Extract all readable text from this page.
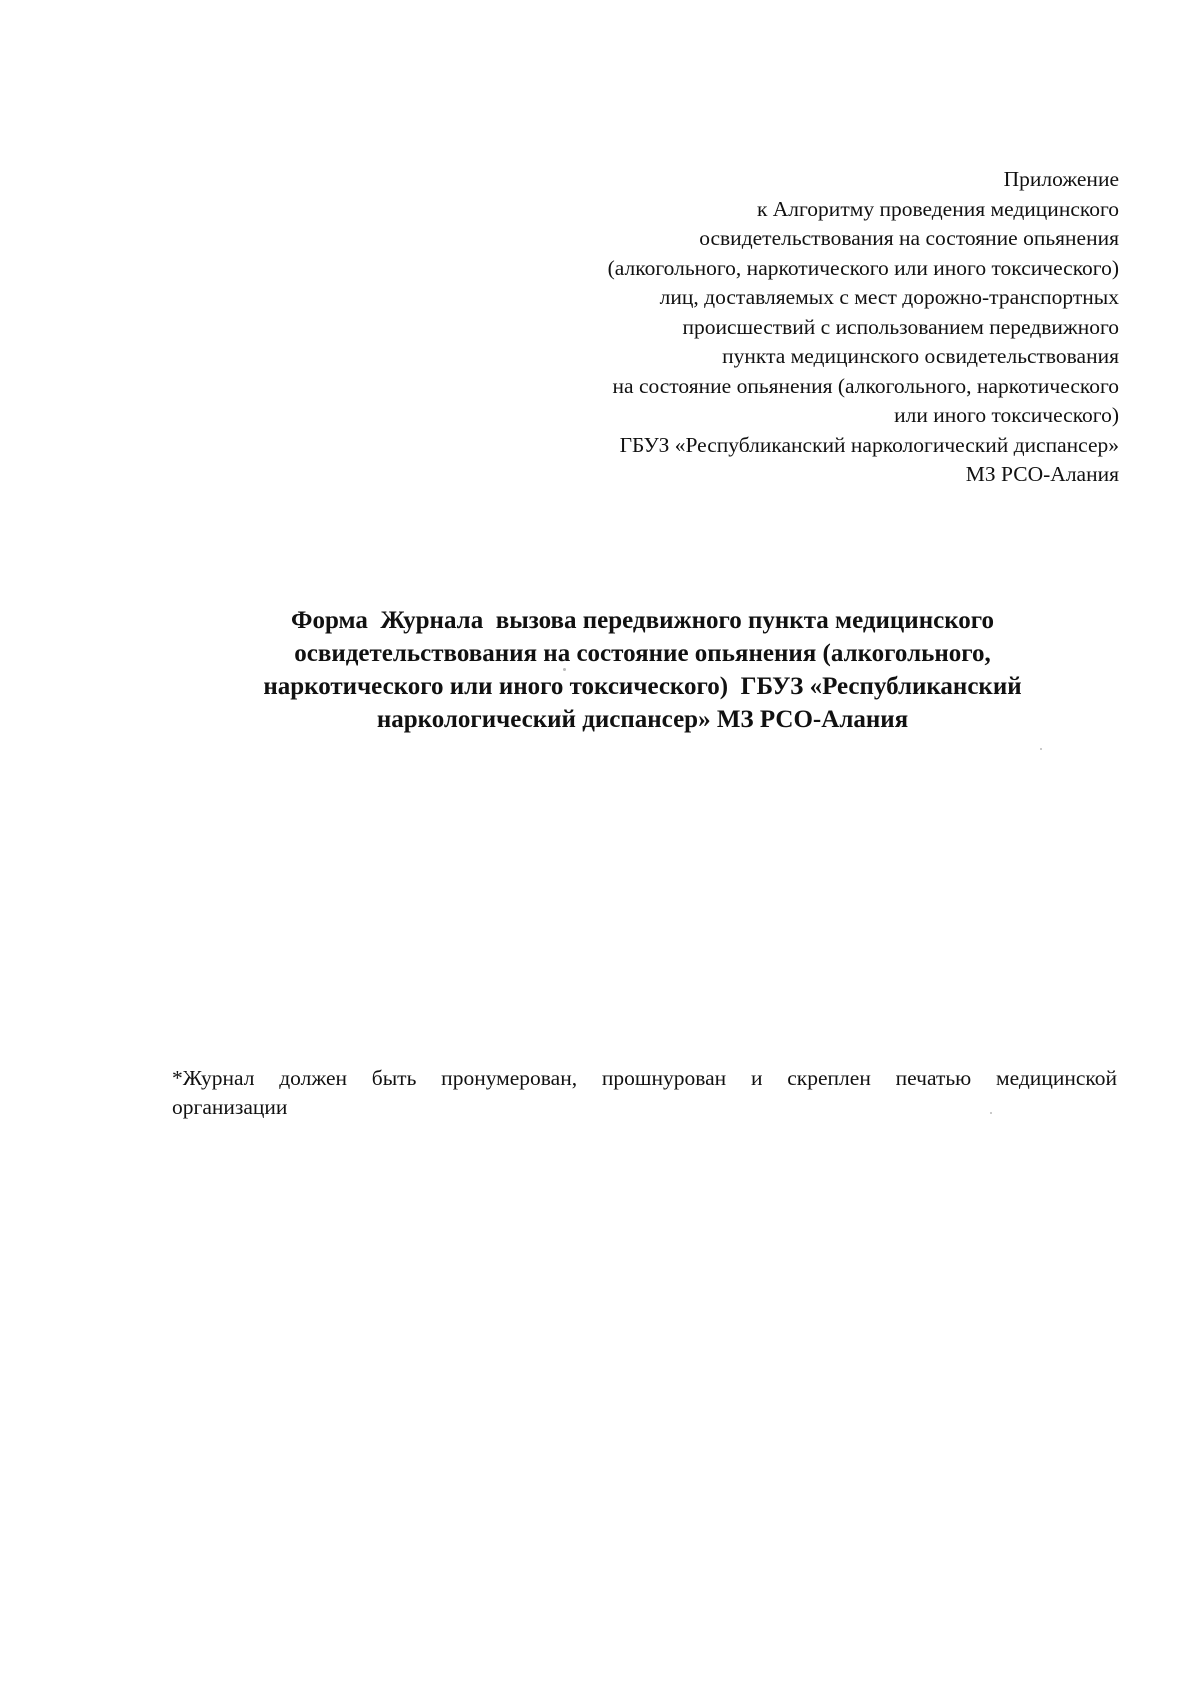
Приложение
к Алгоритму проведения медицинского
освидетельствования на состояние опьянения
(алкогольного, наркотического или иного токсического)
лиц, доставляемых с мест дорожно-транспортных
происшествий с использованием передвижного
пункта медицинского освидетельствования
на состояние опьянения (алкогольного, наркотического
или иного токсического)
ГБУЗ «Республиканский наркологический диспансер»
МЗ РСО-Алания
Форма  Журнала  вызова передвижного пункта медицинского
освидетельствования на состояние опьянения (алкогольного,
наркотического или иного токсического)  ГБУЗ «Республиканский
наркологический диспансер» МЗ РСО-Алания
*Журнал должен быть пронумерован, прошнурован и скреплен печатью медицинской
организации
